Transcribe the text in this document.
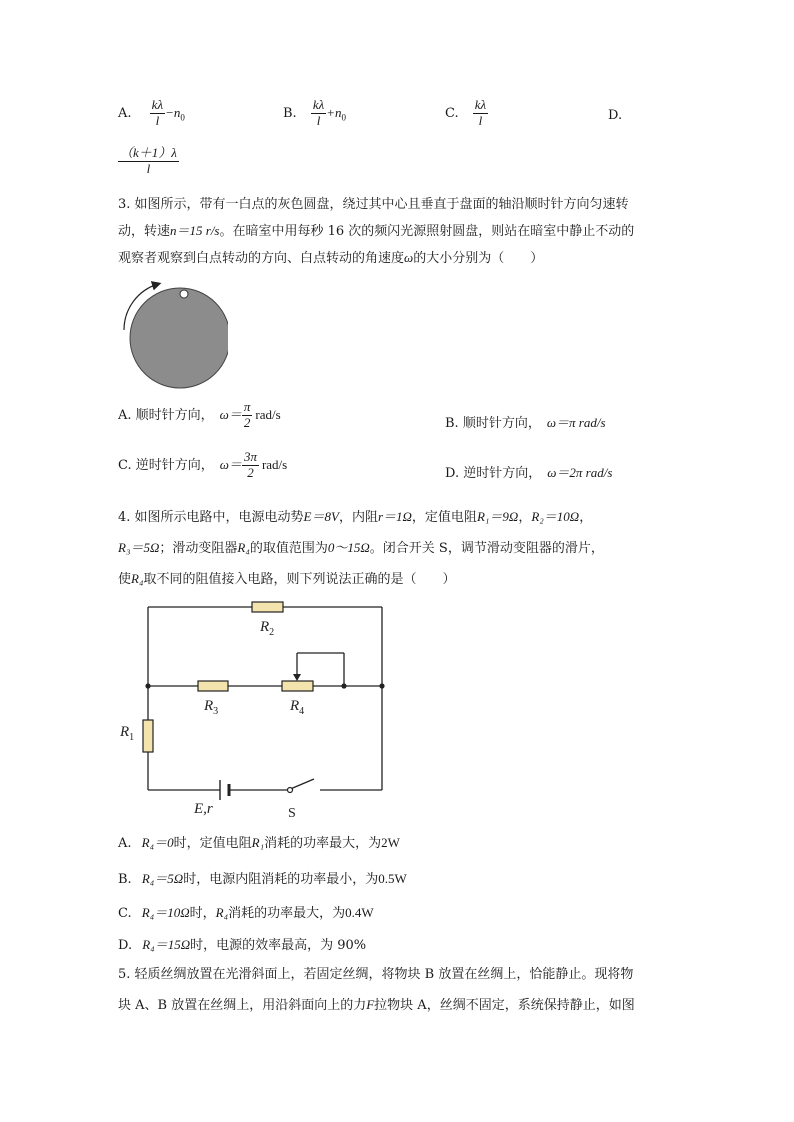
A. $\frac{k\lambda}{l} -n_0$	B. $\frac{k\lambda}{l} +n_0$	C. $\frac{k\lambda}{l}$	D.
$\frac{(k+1)\lambda}{l}$
3. 如图所示，带有一白点的灰色圆盘，绕过其中心且垂直于盘面的轴沿顺时针方向匀速转
动，转速n＝15 r/s。在暗室中用每秒 16 次的频闪光源照射圆盘，则站在暗室中静止不动的
观察者观察到白点转动的方向、白点转动的角速度ω的大小分别为（　　）
A. 顺时针方向， $\omega= \frac{\pi}{2} rad/s$
B. 顺时针方向， ω＝π rad/s
C. 逆时针方向， $\omega= \frac{3\pi}{2} rad/s$
D. 逆时针方向， ω＝2π rad/s
4. 如图所示电路中，电源电动势E＝8V，内阻r＝1Ω，定值电阻R₁＝9Ω，R₂＝10Ω，
R₃＝5Ω；滑动变阻器R₄的取值范围为0～15Ω。闭合开关 S，调节滑动变阻器的滑片，
使R₄取不同的阻值接入电路，则下列说法正确的是（　　）
$R_2$
$R_3$	$R_4$
$R_1$
E,r	S
A. R₄＝0时，定值电阻R₁消耗的功率最大，为2W
B. R₄＝5Ω时，电源内阻消耗的功率最小，为0.5W
C. R₄＝10Ω时，R₄消耗的功率最大，为0.4W
D. R₄＝15Ω时，电源的效率最高，为 90%
5. 轻质丝绸放置在光滑斜面上，若固定丝绸，将物块 B 放置在丝绸上，恰能静止。现将物
块 A、B 放置在丝绸上，用沿斜面向上的力F拉物块 A，丝绸不固定，系统保持静止，如图
